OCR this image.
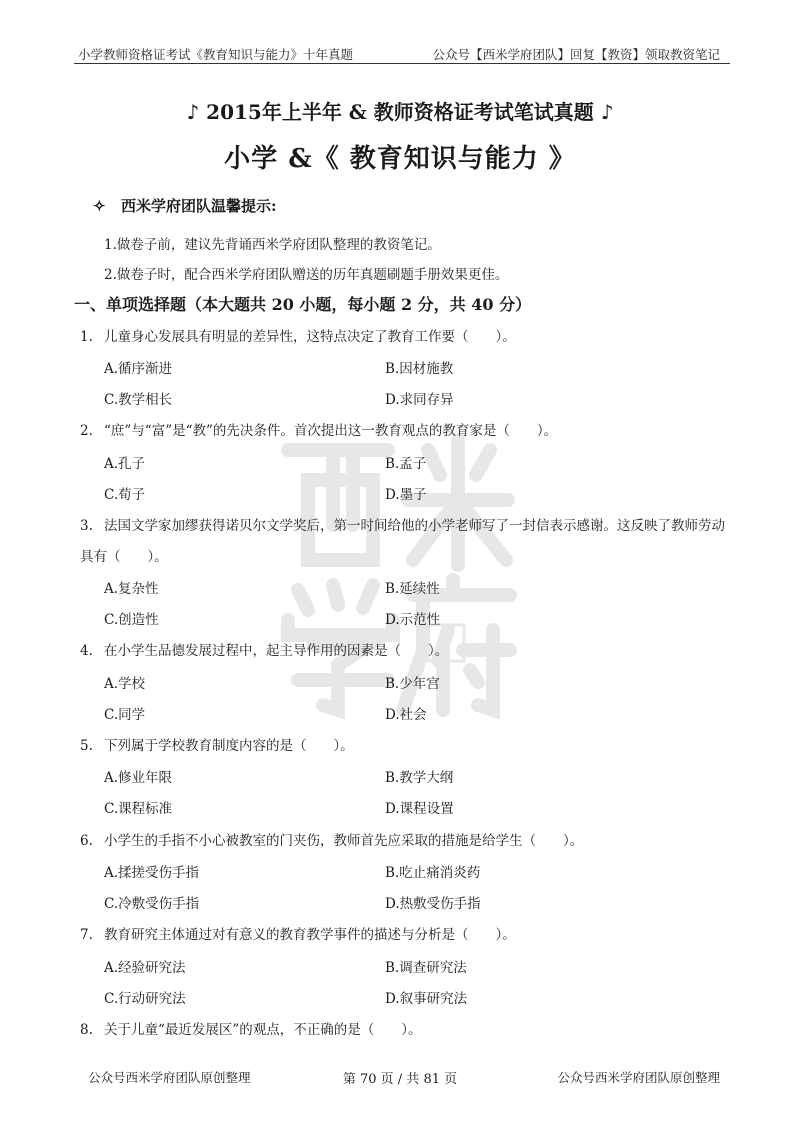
小学教师资格证考试《教育知识与能力》十年真题	公众号【西米学府团队】回复【教资】领取教资笔记
♪ 2015年上半年 & 教师资格证考试笔试真题 ♪
小学 &《 教育知识与能力 》
✧ 西米学府团队温馨提示:
1.做卷子前，建议先背诵西米学府团队整理的教资笔记。
2.做卷子时，配合西米学府团队赠送的历年真题刷题手册效果更佳。
一、单项选择题（本大题共 20 小题，每小题 2 分，共 40 分）
1. 儿童身心发展具有明显的差异性，这特点决定了教育工作要（　　）。
A.循序渐进	B.因材施教
C.教学相长	D.求同存异
2. “庶”与“富”是“教”的先决条件。首次提出这一教育观点的教育家是（　　）。
A.孔子	B.孟子
C.荀子	D.墨子
3. 法国文学家加缪获得诺贝尔文学奖后，第一时间给他的小学老师写了一封信表示感谢。这反映了教师劳动
具有（　　）。
A.复杂性	B.延续性
C.创造性	D.示范性
4. 在小学生品德发展过程中，起主导作用的因素是（　　）。
A.学校	B.少年宫
C.同学	D.社会
5. 下列属于学校教育制度内容的是（　　）。
A.修业年限	B.教学大纲
C.课程标准	D.课程设置
6. 小学生的手指不小心被教室的门夹伤，教师首先应采取的措施是给学生（　　）。
A.揉搓受伤手指	B.吃止痛消炎药
C.冷敷受伤手指	D.热敷受伤手指
7. 教育研究主体通过对有意义的教育教学事件的描述与分析是（　　）。
A.经验研究法	B.调查研究法
C.行动研究法	D.叙事研究法
8. 关于儿童“最近发展区”的观点，不正确的是（　　）。
公众号西米学府团队原创整理	第 70 页 / 共 81 页	公众号西米学府团队原创整理
